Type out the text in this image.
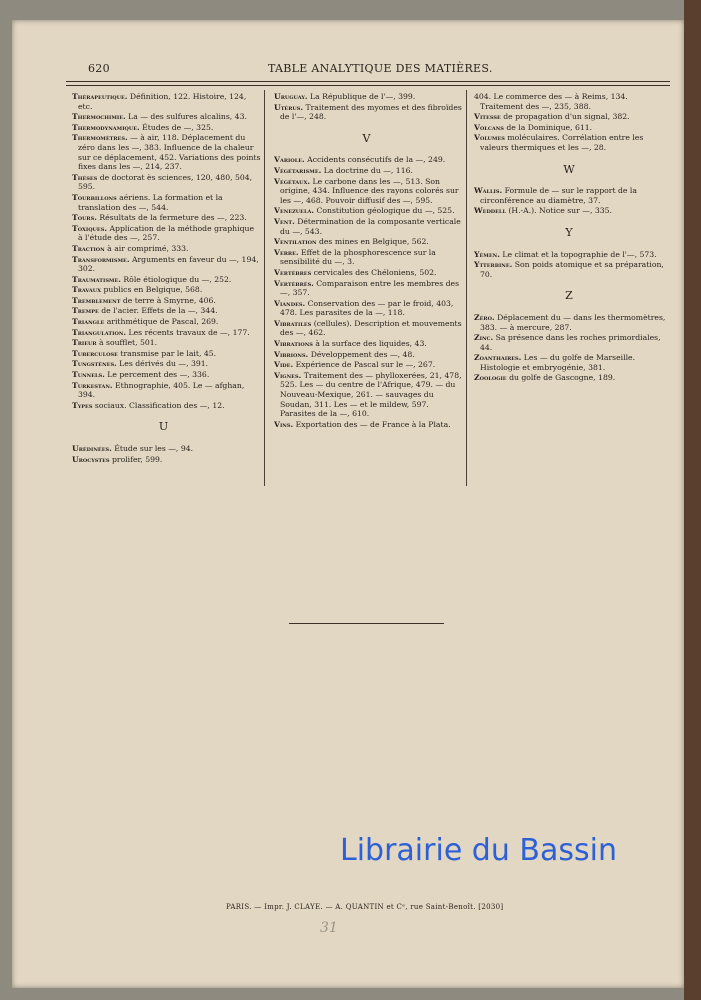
620	TABLE ANALYTIQUE DES MATIÈRES.
Thérapeutique. Définition, 122. Histoire, 124, etc.
Thermochimie. La — des sulfures alcalins, 43.
Thermodynamique. Études de —, 325.
Thermomètres. — à air, 118. Déplacement du zéro dans les —, 383. Influence de la chaleur sur ce déplacement, 452. Variations des points fixes dans les —, 214, 237.
Thèses de doctorat ès sciences, 120, 480, 504, 595.
Tourbillons aériens. La formation et la translation des —, 544.
Tours. Résultats de la fermeture des —, 223.
Toxiques. Application de la méthode graphique à l'étude des —, 257.
Traction à air comprimé, 333.
Transformisme. Arguments en faveur du —, 194, 302.
Traumatisme. Rôle étiologique du —, 252.
Travaux publics en Belgique, 568.
Tremblement de terre à Smyrne, 406.
Trempe de l'acier. Effets de la —, 344.
Triangle arithmétique de Pascal, 269.
Triangulation. Les récents travaux de —, 177.
Trieur à soufflet, 501.
Tuberculose transmise par le lait, 45.
Tungstènes. Les dérivés du —, 391.
Tunnels. Le percement des —, 336.
Turkestan. Ethnographie, 405. Le — afghan, 394.
Types sociaux. Classification des —, 12.
U
Urédinées. Étude sur les —, 94.
Urocystes prolifer, 599.
Uruguay. La République de l'—, 399.
Utérus. Traitement des myomes et des fibroïdes de l'—, 248.
V
Variole. Accidents consécutifs de la —, 249.
Végétarisme. La doctrine du —, 116.
Végétaux. Le carbone dans les —, 513. Son origine, 434. Influence des rayons colorés sur les —, 468. Pouvoir diffusif des —, 595.
Venezuela. Constitution géologique du —, 525.
Vent. Détermination de la composante verticale du —, 543.
Ventilation des mines en Belgique, 562.
Verre. Effet de la phosphorescence sur la sensibilité du —, 3.
Vertèbres cervicales des Chéloniens, 502.
Vertébrés. Comparaison entre les membres des —, 357.
Viandes. Conservation des — par le froid, 403, 478. Les parasites de la —, 118.
Vibratiles (cellules). Description et mouvements des —, 462.
Vibrations à la surface des liquides, 43.
Vibrions. Développement des —, 48.
Vide. Expérience de Pascal sur le —, 267.
Vignes. Traitement des — phylloxerées, 21, 478, 525. Les — du centre de l'Afrique, 479. — du Nouveau-Mexique, 261. — sauvages du Soudan, 311. Les — et le mildew, 597. Parasites de la —, 610.
Vins. Exportation des — de France à la Plata.
404. Le commerce des — à Reims, 134. Traitement des —, 235, 388.
Vitesse de propagation d'un signal, 382.
Volcans de la Dominique, 611.
Volumes moléculaires. Corrélation entre les valeurs thermiques et les —, 28.
W
Wallis. Formule de — sur le rapport de la circonférence au diamètre, 37.
Weddell (H.-A.). Notice sur —, 335.
Y
Yémen. Le climat et la topographie de l'—, 573.
Ytterbine. Son poids atomique et sa préparation, 70.
Z
Zéro. Déplacement du — dans les thermomètres, 383. — à mercure, 287.
Zinc. Sa présence dans les roches primordiales, 44.
Zoanthaires. Les — du golfe de Marseille. Histologie et embryogénie, 381.
Zoologie du golfe de Gascogne, 189.
Librairie du Bassin
PARIS. — Impr. J. CLAYE. — A. QUANTIN et Cᵉ, rue Saint-Benoît. [2030]
31
